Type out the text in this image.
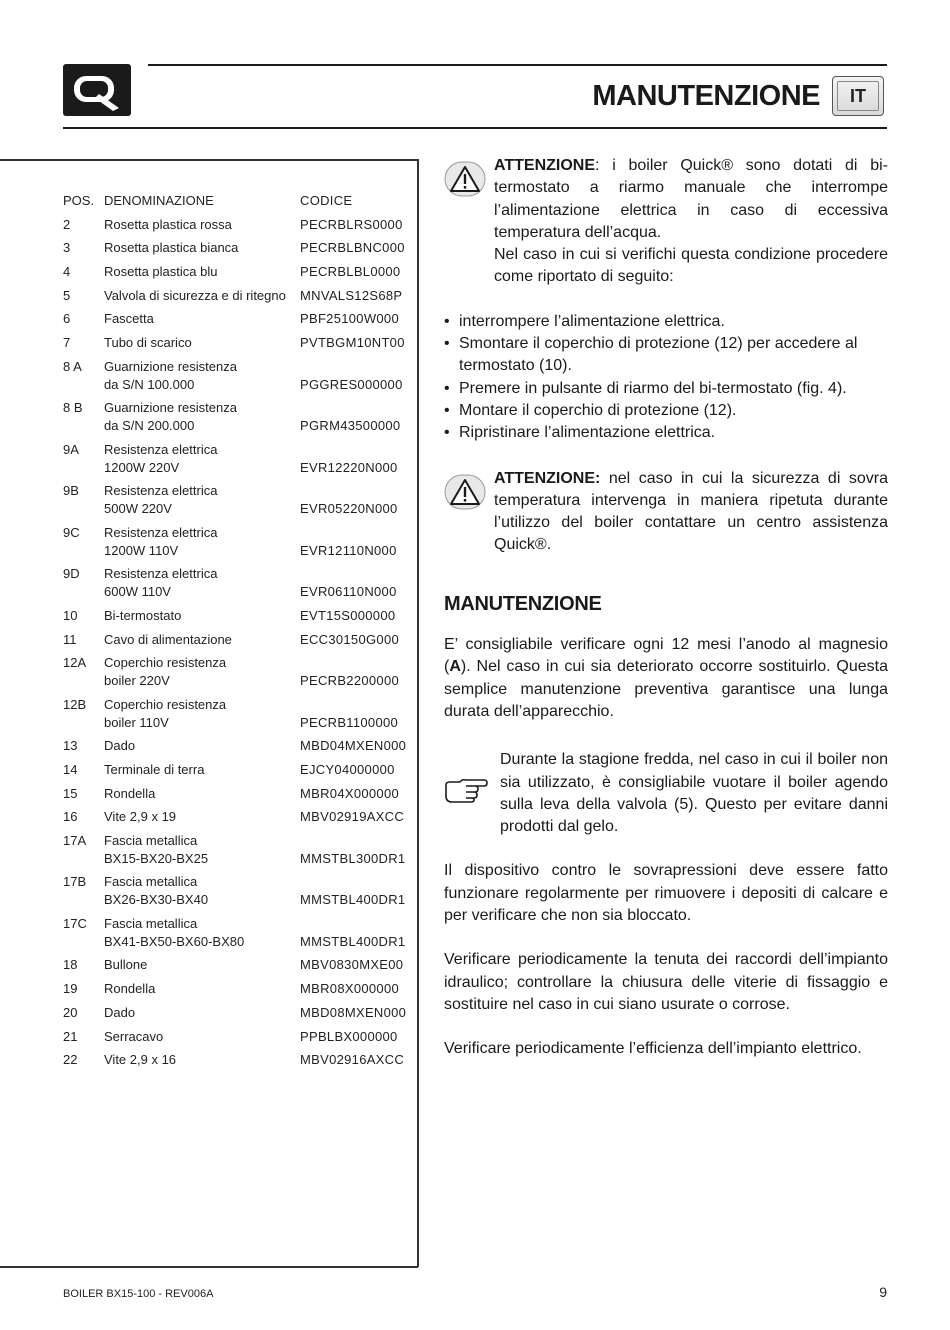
MANUTENZIONE	IT
POS. DENOMINAZIONE	CODICE
2	Rosetta plastica rossa	PECRBLRS0000
3	Rosetta plastica bianca	PECRBLBNC000
4	Rosetta plastica blu	PECRBLBL0000
5	Valvola di sicurezza e di ritegno MNVALS12S68P
6	Fascetta	PBF25100W000
7	Tubo di scarico	PVTBGM10NT00
8 A Guarnizione resistenza
da S/N 100.000	PGGRES000000
8 B Guarnizione resistenza
da S/N 200.000	PGRM43500000
9A Resistenza elettrica
1200W 220V	EVR12220N000
9B Resistenza elettrica
500W 220V	EVR05220N000
9C Resistenza elettrica
1200W 110V	EVR12110N000
9D Resistenza elettrica
600W 110V	EVR06110N000
10 Bi-termostato	EVT15S000000
11 Cavo di alimentazione	ECC30150G000
12A Coperchio resistenza
boiler 220V	PECRB2200000
12B Coperchio resistenza
boiler 110V	PECRB1100000
13 Dado	MBD04MXEN000
14 Terminale di terra	EJCY04000000
15 Rondella	MBR04X000000
16 Vite 2,9 x 19	MBV02919AXCC
17A Fascia metallica
BX15-BX20-BX25	MMSTBL300DR1
17B Fascia metallica
BX26-BX30-BX40	MMSTBL400DR1
17C Fascia metallica
BX41-BX50-BX60-BX80	MMSTBL400DR1
18 Bullone	MBV0830MXE00
19 Rondella	MBR08X000000
20 Dado	MBD08MXEN000
21 Serracavo	PPBLBX000000
22 Vite 2,9 x 16	MBV02916AXCC
ATTENZIONE: i boiler Quick® sono dotati di bi-termostato a riarmo manuale che interrompe l’alimentazione elettrica in caso di eccessiva temperatura dell’acqua.
Nel caso in cui si verifichi questa condizione procedere come riportato di seguito:
• interrompere l’alimentazione elettrica.
• Smontare il coperchio di protezione (12) per accedere al termostato (10).
• Premere in pulsante di riarmo del bi-termostato (fig. 4).
• Montare il coperchio di protezione (12).
• Ripristinare l’alimentazione elettrica.
ATTENZIONE: nel caso in cui la sicurezza di sovra temperatura intervenga in maniera ripetuta durante l’utilizzo del boiler contattare un centro assistenza Quick®.
MANUTENZIONE
E’ consigliabile verificare ogni 12 mesi l’anodo al magnesio (A). Nel caso in cui sia deteriorato occorre sostituirlo. Questa semplice manutenzione preventiva garantisce una lunga durata dell’apparecchio.
Durante la stagione fredda, nel caso in cui il boiler non sia utilizzato, è consigliabile vuotare il boiler agendo sulla leva della valvola (5). Questo per evitare danni prodotti dal gelo.
Il dispositivo contro le sovrapressioni deve essere fatto funzionare regolarmente per rimuovere i depositi di calcare e per verificare che non sia bloccato.
Verificare periodicamente la tenuta dei raccordi dell’impianto idraulico; controllare la chiusura delle viterie di fissaggio e sostituire nel caso in cui siano usurate o corrose.
Verificare periodicamente l’efficienza dell’impianto elettrico.
BOILER BX15-100 - REV006A	9
